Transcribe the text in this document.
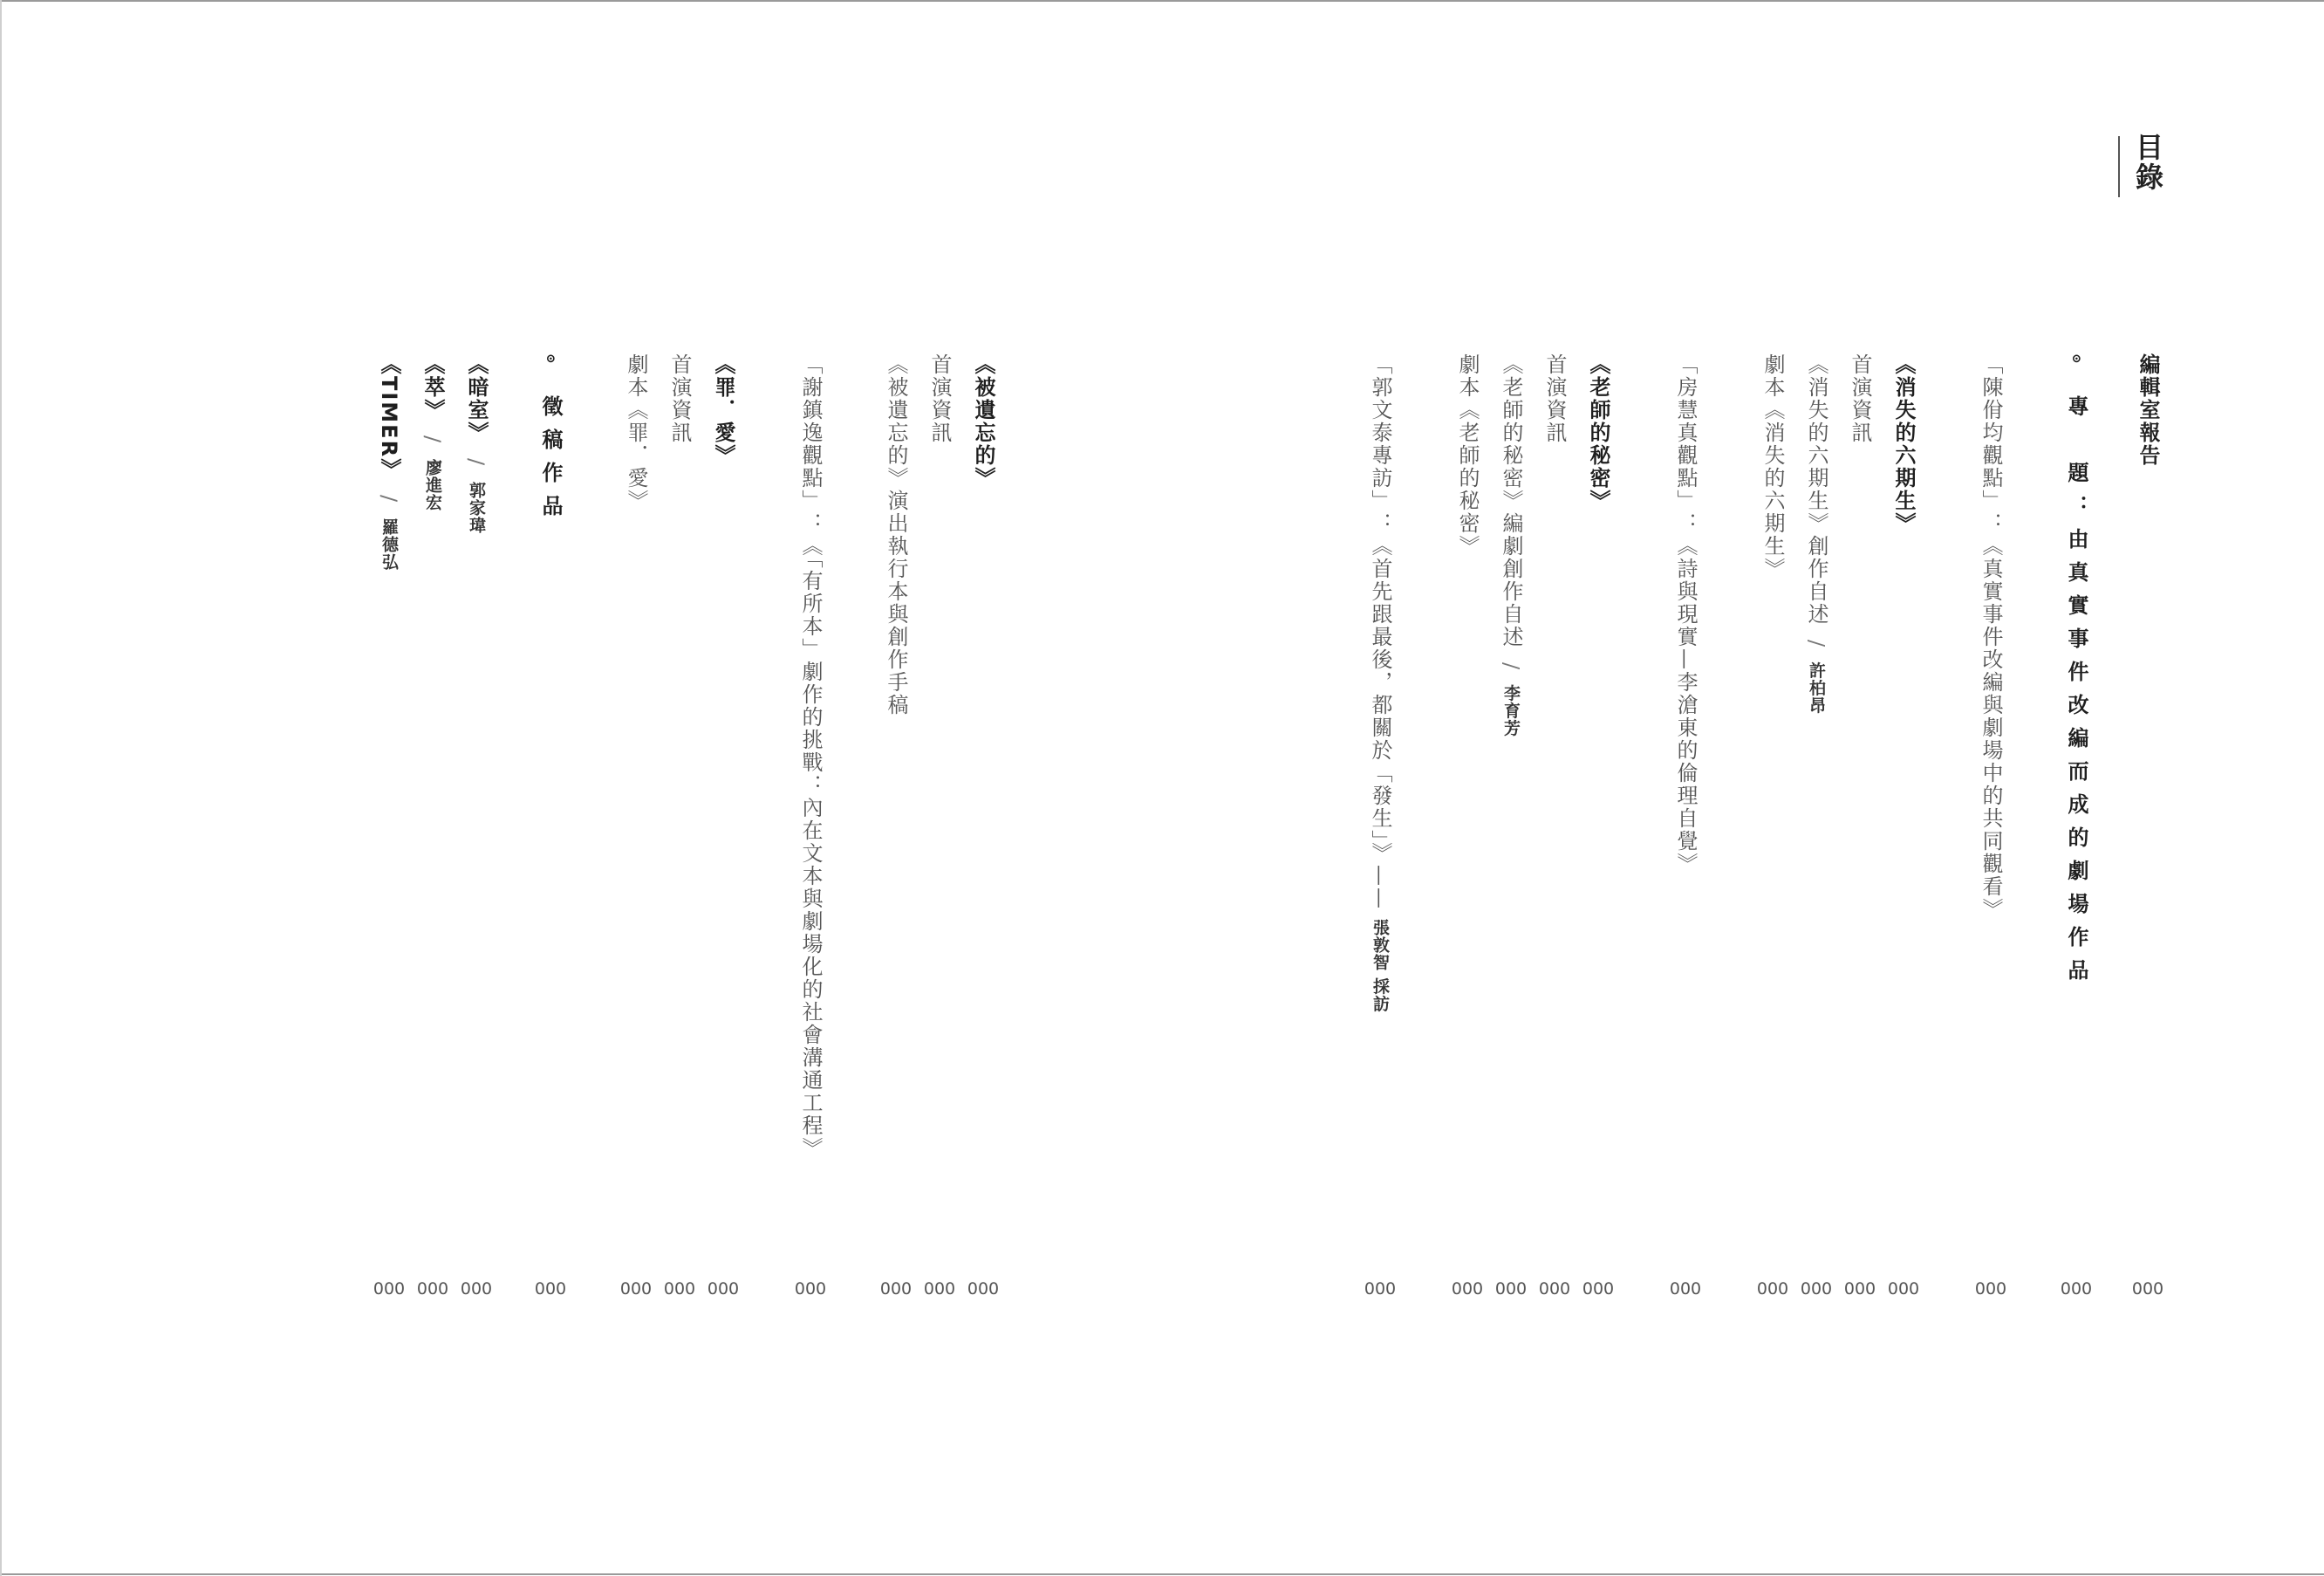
目錄
編輯室報告
000
⊙ 專　題：由真實事件改編而成的劇場作品
000
「陳佾均觀點」：《真實事件改編與劇場中的共同觀看》
000
《消失的六期生》
000
首演資訊
000
《消失的六期生》創作自述 / 許柏昂
000
劇本《消失的六期生》
000
「房慧真觀點」：《詩與現實—李滄東的倫理自覺》
000
《老師的秘密》
000
首演資訊
000
《老師的秘密》編劇創作自述 / 李育芳
000
劇本《老師的秘密》
000
「郭文泰專訪」：《首先跟最後，都關於「發生」》—— 張敦智 採訪
000
《被遺忘的》
000
首演資訊
000
《被遺忘的》演出執行本與創作手稿
000
「謝鎮逸觀點」：《「有所本」劇作的挑戰：內在文本與劇場化的社會溝通工程》
000
《罪．愛》
000
首演資訊
000
劇本《罪．愛》
000
⊙ 徵稿作品
000
《暗室》 / 郭家瑋
000
《萃》 / 廖進宏
000
《TIMER》 / 羅德弘
000
